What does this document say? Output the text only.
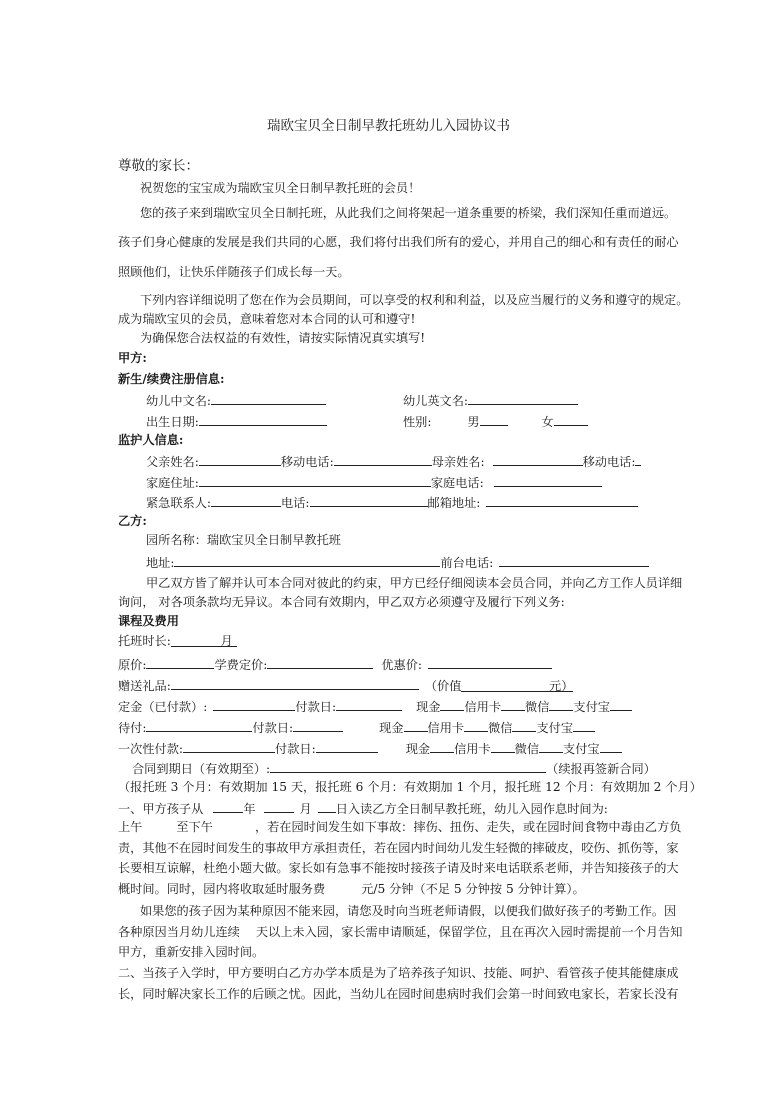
瑞欧宝贝全日制早教托班幼儿入园协议书
尊敬的家长：
祝贺您的宝宝成为瑞欧宝贝全日制早教托班的会员！
您的孩子来到瑞欧宝贝全日制托班，从此我们之间将架起一道条重要的桥梁，我们深知任重而道远。
孩子们身心健康的发展是我们共同的心愿，我们将付出我们所有的爱心，并用自己的细心和有责任的耐心
照顾他们，让快乐伴随孩子们成长每一天。
下列内容详细说明了您在作为会员期间，可以享受的权利和利益，以及应当履行的义务和遵守的规定。
成为瑞欧宝贝的会员，意味着您对本合同的认可和遵守!
为确保您合法权益的有效性，请按实际情况真实填写!
甲方:
新生/续费注册信息:
幼儿中文名:	幼儿英文名:
出生日期:	性别:	男	女
监护人信息:
父亲姓名:	移动电话:	母亲姓名:	移动电话:
家庭住址:	家庭电话:
紧急联系人:	电话:	邮箱地址:
乙方:
园所名称：瑞欧宝贝全日制早教托班
地址:	前台电话:
甲乙双方皆了解并认可本合同对彼此的约束，甲方已经仔细阅读本会员合同，并向乙方工作人员详细
询问， 对各项条款均无异议。本合同有效期内，甲乙双方必须遵守及履行下列义务:
课程及费用
托班时长:	月
原价:	学费定价:	优惠价:
赠送礼品:	（价值	元）
定金（已付款）:	付款日:	现金 信用卡 微信 支付宝
待付:	付款日:	现金 信用卡 微信 支付宝
一次性付款:	付款日:	现金 信用卡 微信 支付宝
合同到期日（有效期至）:	（续报再签新合同）
（报托班 3 个月：有效期加 15 天，报托班 6 个月：有效期加 1 个月，报托班 12 个月：有效期加 2 个月）
一、甲方孩子从	年	月 日入读乙方全日制早教托班，幼儿入园作息时间为:
上午	至下午	，若在园时间发生如下事故：摔伤、扭伤、走失，或在园时间食物中毒由乙方负
责，其他不在园时间发生的事故甲方承担责任，若在园内时间幼儿发生轻微的摔破皮，咬伤、抓伤等，家
长要相互谅解，杜绝小题大做。家长如有急事不能按时接孩子请及时来电话联系老师，并告知接孩子的大
概时间。同时，园内将收取延时服务费	元/5 分钟（不足 5 分钟按 5 分钟计算）。
如果您的孩子因为某种原因不能来园，请您及时向当班老师请假，以便我们做好孩子的考勤工作。因
各种原因当月幼儿连续 天以上未入园，家长需申请顺延，保留学位，且在再次入园时需提前一个月告知
甲方，重新安排入园时间。
二、当孩子入学时，甲方要明白乙方办学本质是为了培养孩子知识、技能、呵护、看管孩子使其能健康成
长，同时解决家长工作的后顾之忧。因此，当幼儿在园时间患病时我们会第一时间致电家长，若家长没有
